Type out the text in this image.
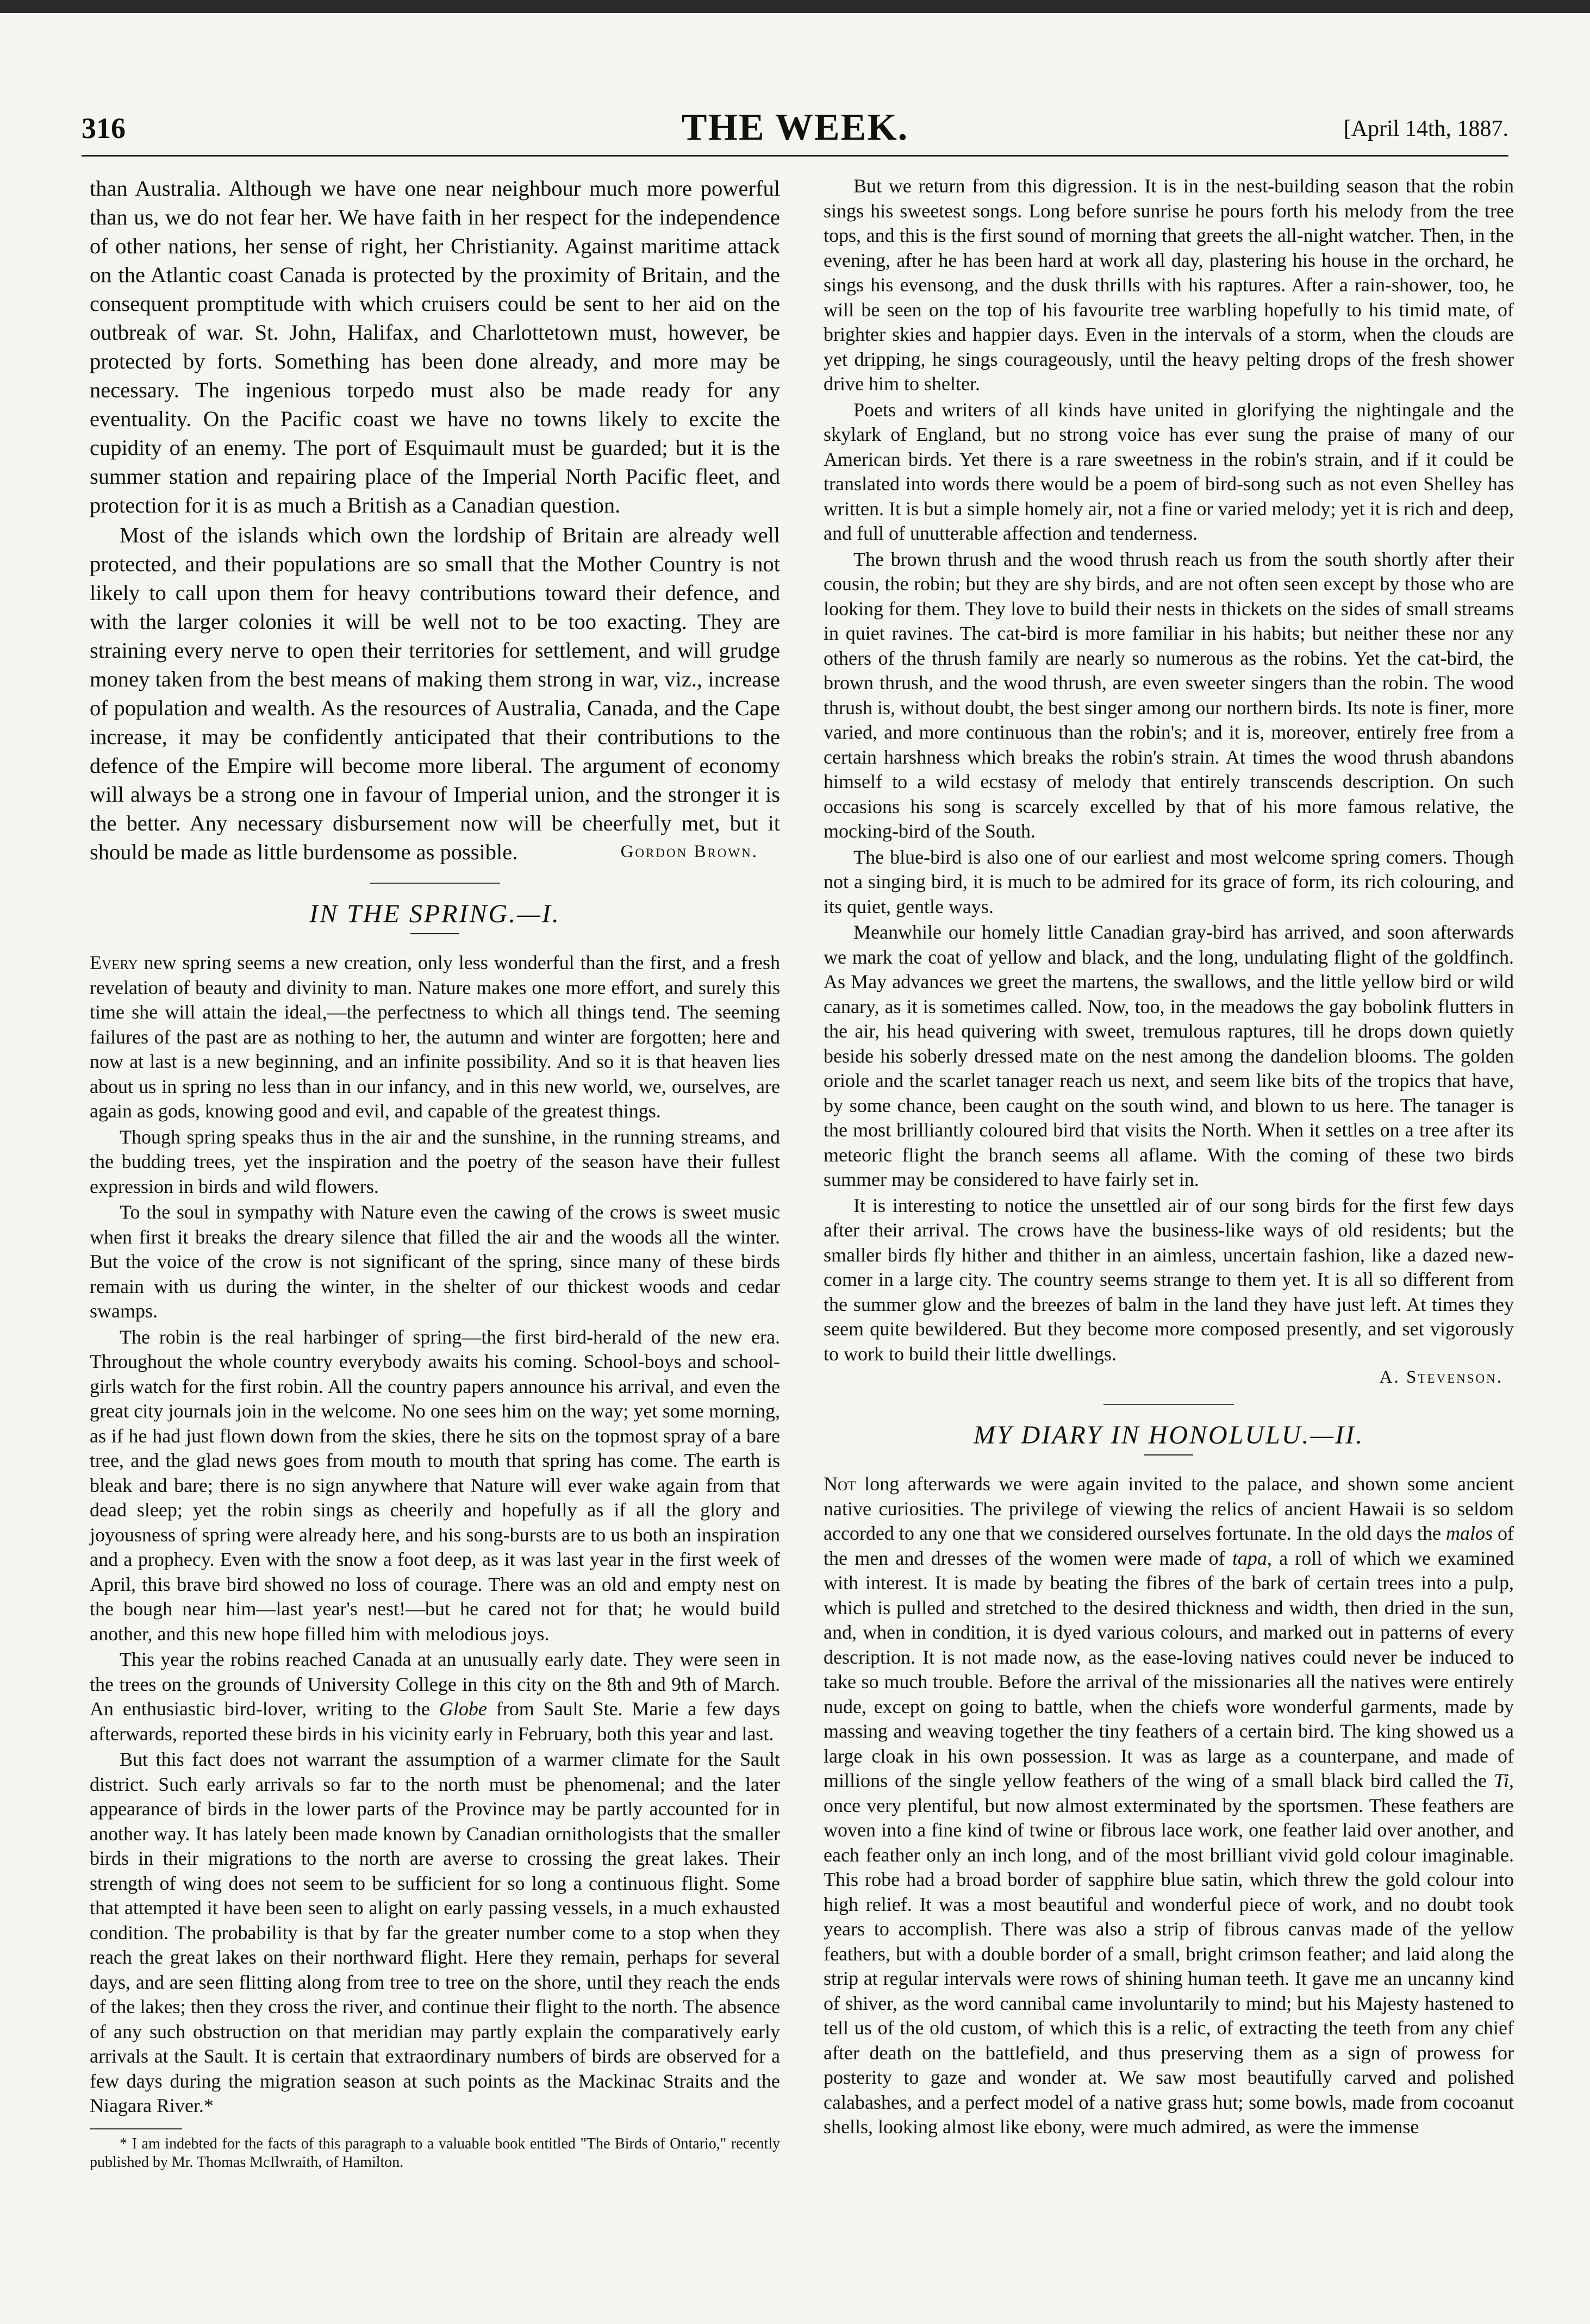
316	THE WEEK.	[April 14th, 1887.

than Australia. Although we have one near neighbour much more powerful than us, we do not fear her. We have faith in her respect for the independence of other nations, her sense of right, her Christianity. Against maritime attack on the Atlantic coast Canada is protected by the proximity of Britain, and the consequent promptitude with which cruisers could be sent to her aid on the outbreak of war. St. John, Halifax, and Charlottetown must, however, be protected by forts. Something has been done already, and more may be necessary. The ingenious torpedo must also be made ready for any eventuality. On the Pacific coast we have no towns likely to excite the cupidity of an enemy. The port of Esquimault must be guarded; but it is the summer station and repairing place of the Imperial North Pacific fleet, and protection for it is as much a British as a Canadian question.

Most of the islands which own the lordship of Britain are already well protected, and their populations are so small that the Mother Country is not likely to call upon them for heavy contributions toward their defence, and with the larger colonies it will be well not to be too exacting. They are straining every nerve to open their territories for settlement, and will grudge money taken from the best means of making them strong in war, viz., increase of population and wealth. As the resources of Australia, Canada, and the Cape increase, it may be confidently anticipated that their contributions to the defence of the Empire will become more liberal. The argument of economy will always be a strong one in favour of Imperial union, and the stronger it is the better. Any necessary disbursement now will be cheerfully met, but it should be made as little burdensome as possible.	Gordon Brown.

IN THE SPRING.—I.

Every new spring seems a new creation, only less wonderful than the first, and a fresh revelation of beauty and divinity to man. Nature makes one more effort, and surely this time she will attain the ideal,—the perfectness to which all things tend. The seeming failures of the past are as nothing to her, the autumn and winter are forgotten; here and now at last is a new beginning, and an infinite possibility. And so it is that heaven lies about us in spring no less than in our infancy, and in this new world, we, ourselves, are again as gods, knowing good and evil, and capable of the greatest things.

Though spring speaks thus in the air and the sunshine, in the running streams, and the budding trees, yet the inspiration and the poetry of the season have their fullest expression in birds and wild flowers.

To the soul in sympathy with Nature even the cawing of the crows is sweet music when first it breaks the dreary silence that filled the air and the woods all the winter. But the voice of the crow is not significant of the spring, since many of these birds remain with us during the winter, in the shelter of our thickest woods and cedar swamps.

The robin is the real harbinger of spring—the first bird-herald of the new era. Throughout the whole country everybody awaits his coming. School-boys and school-girls watch for the first robin. All the country papers announce his arrival, and even the great city journals join in the welcome. No one sees him on the way; yet some morning, as if he had just flown down from the skies, there he sits on the topmost spray of a bare tree, and the glad news goes from mouth to mouth that spring has come. The earth is bleak and bare; there is no sign anywhere that Nature will ever wake again from that dead sleep; yet the robin sings as cheerily and hopefully as if all the glory and joyousness of spring were already here, and his song-bursts are to us both an inspiration and a prophecy. Even with the snow a foot deep, as it was last year in the first week of April, this brave bird showed no loss of courage. There was an old and empty nest on the bough near him—last year's nest!—but he cared not for that; he would build another, and this new hope filled him with melodious joys.

This year the robins reached Canada at an unusually early date. They were seen in the trees on the grounds of University College in this city on the 8th and 9th of March. An enthusiastic bird-lover, writing to the Globe from Sault Ste. Marie a few days afterwards, reported these birds in his vicinity early in February, both this year and last.

But this fact does not warrant the assumption of a warmer climate for the Sault district. Such early arrivals so far to the north must be phenomenal; and the later appearance of birds in the lower parts of the Province may be partly accounted for in another way. It has lately been made known by Canadian ornithologists that the smaller birds in their migrations to the north are averse to crossing the great lakes. Their strength of wing does not seem to be sufficient for so long a continuous flight. Some that attempted it have been seen to alight on early passing vessels, in a much exhausted condition. The probability is that by far the greater number come to a stop when they reach the great lakes on their northward flight. Here they remain, perhaps for several days, and are seen flitting along from tree to tree on the shore, until they reach the ends of the lakes; then they cross the river, and continue their flight to the north. The absence of any such obstruction on that meridian may partly explain the comparatively early arrivals at the Sault. It is certain that extraordinary numbers of birds are observed for a few days during the migration season at such points as the Mackinac Straits and the Niagara River.*

* I am indebted for the facts of this paragraph to a valuable book entitled "The Birds of Ontario," recently published by Mr. Thomas McIlwraith, of Hamilton.

But we return from this digression. It is in the nest-building season that the robin sings his sweetest songs. Long before sunrise he pours forth his melody from the tree tops, and this is the first sound of morning that greets the all-night watcher. Then, in the evening, after he has been hard at work all day, plastering his house in the orchard, he sings his evensong, and the dusk thrills with his raptures. After a rain-shower, too, he will be seen on the top of his favourite tree warbling hopefully to his timid mate, of brighter skies and happier days. Even in the intervals of a storm, when the clouds are yet dripping, he sings courageously, until the heavy pelting drops of the fresh shower drive him to shelter.

Poets and writers of all kinds have united in glorifying the nightingale and the skylark of England, but no strong voice has ever sung the praise of many of our American birds. Yet there is a rare sweetness in the robin's strain, and if it could be translated into words there would be a poem of bird-song such as not even Shelley has written. It is but a simple homely air, not a fine or varied melody; yet it is rich and deep, and full of unutterable affection and tenderness.

The brown thrush and the wood thrush reach us from the south shortly after their cousin, the robin; but they are shy birds, and are not often seen except by those who are looking for them. They love to build their nests in thickets on the sides of small streams in quiet ravines. The cat-bird is more familiar in his habits; but neither these nor any others of the thrush family are nearly so numerous as the robins. Yet the cat-bird, the brown thrush, and the wood thrush, are even sweeter singers than the robin. The wood thrush is, without doubt, the best singer among our northern birds. Its note is finer, more varied, and more continuous than the robin's; and it is, moreover, entirely free from a certain harshness which breaks the robin's strain. At times the wood thrush abandons himself to a wild ecstasy of melody that entirely transcends description. On such occasions his song is scarcely excelled by that of his more famous relative, the mocking-bird of the South.

The blue-bird is also one of our earliest and most welcome spring comers. Though not a singing bird, it is much to be admired for its grace of form, its rich colouring, and its quiet, gentle ways.

Meanwhile our homely little Canadian gray-bird has arrived, and soon afterwards we mark the coat of yellow and black, and the long, undulating flight of the goldfinch. As May advances we greet the martens, the swallows, and the little yellow bird or wild canary, as it is sometimes called. Now, too, in the meadows the gay bobolink flutters in the air, his head quivering with sweet, tremulous raptures, till he drops down quietly beside his soberly dressed mate on the nest among the dandelion blooms. The golden oriole and the scarlet tanager reach us next, and seem like bits of the tropics that have, by some chance, been caught on the south wind, and blown to us here. The tanager is the most brilliantly coloured bird that visits the North. When it settles on a tree after its meteoric flight the branch seems all aflame. With the coming of these two birds summer may be considered to have fairly set in.

It is interesting to notice the unsettled air of our song birds for the first few days after their arrival. The crows have the business-like ways of old residents; but the smaller birds fly hither and thither in an aimless, uncertain fashion, like a dazed new-comer in a large city. The country seems strange to them yet. It is all so different from the summer glow and the breezes of balm in the land they have just left. At times they seem quite bewildered. But they become more composed presently, and set vigorously to work to build their little dwellings.

A. Stevenson.
MY DIARY IN HONOLULU.—II.

Not long afterwards we were again invited to the palace, and shown some ancient native curiosities. The privilege of viewing the relics of ancient Hawaii is so seldom accorded to any one that we considered ourselves fortunate. In the old days the malos of the men and dresses of the women were made of tapa, a roll of which we examined with interest. It is made by beating the fibres of the bark of certain trees into a pulp, which is pulled and stretched to the desired thickness and width, then dried in the sun, and, when in condition, it is dyed various colours, and marked out in patterns of every description. It is not made now, as the ease-loving natives could never be induced to take so much trouble. Before the arrival of the missionaries all the natives were entirely nude, except on going to battle, when the chiefs wore wonderful garments, made by massing and weaving together the tiny feathers of a certain bird. The king showed us a large cloak in his own possession. It was as large as a counterpane, and made of millions of the single yellow feathers of the wing of a small black bird called the Ti, once very plentiful, but now almost exterminated by the sportsmen. These feathers are woven into a fine kind of twine or fibrous lace work, one feather laid over another, and each feather only an inch long, and of the most brilliant vivid gold colour imaginable. This robe had a broad border of sapphire blue satin, which threw the gold colour into high relief. It was a most beautiful and wonderful piece of work, and no doubt took years to accomplish. There was also a strip of fibrous canvas made of the yellow feathers, but with a double border of a small, bright crimson feather; and laid along the strip at regular intervals were rows of shining human teeth. It gave me an uncanny kind of shiver, as the word cannibal came involuntarily to mind; but his Majesty hastened to tell us of the old custom, of which this is a relic, of extracting the teeth from any chief after death on the battlefield, and thus preserving them as a sign of prowess for posterity to gaze and wonder at. We saw most beautifully carved and polished calabashes, and a perfect model of a native grass hut; some bowls, made from cocoanut shells, looking almost like ebony, were much admired, as were the immense
